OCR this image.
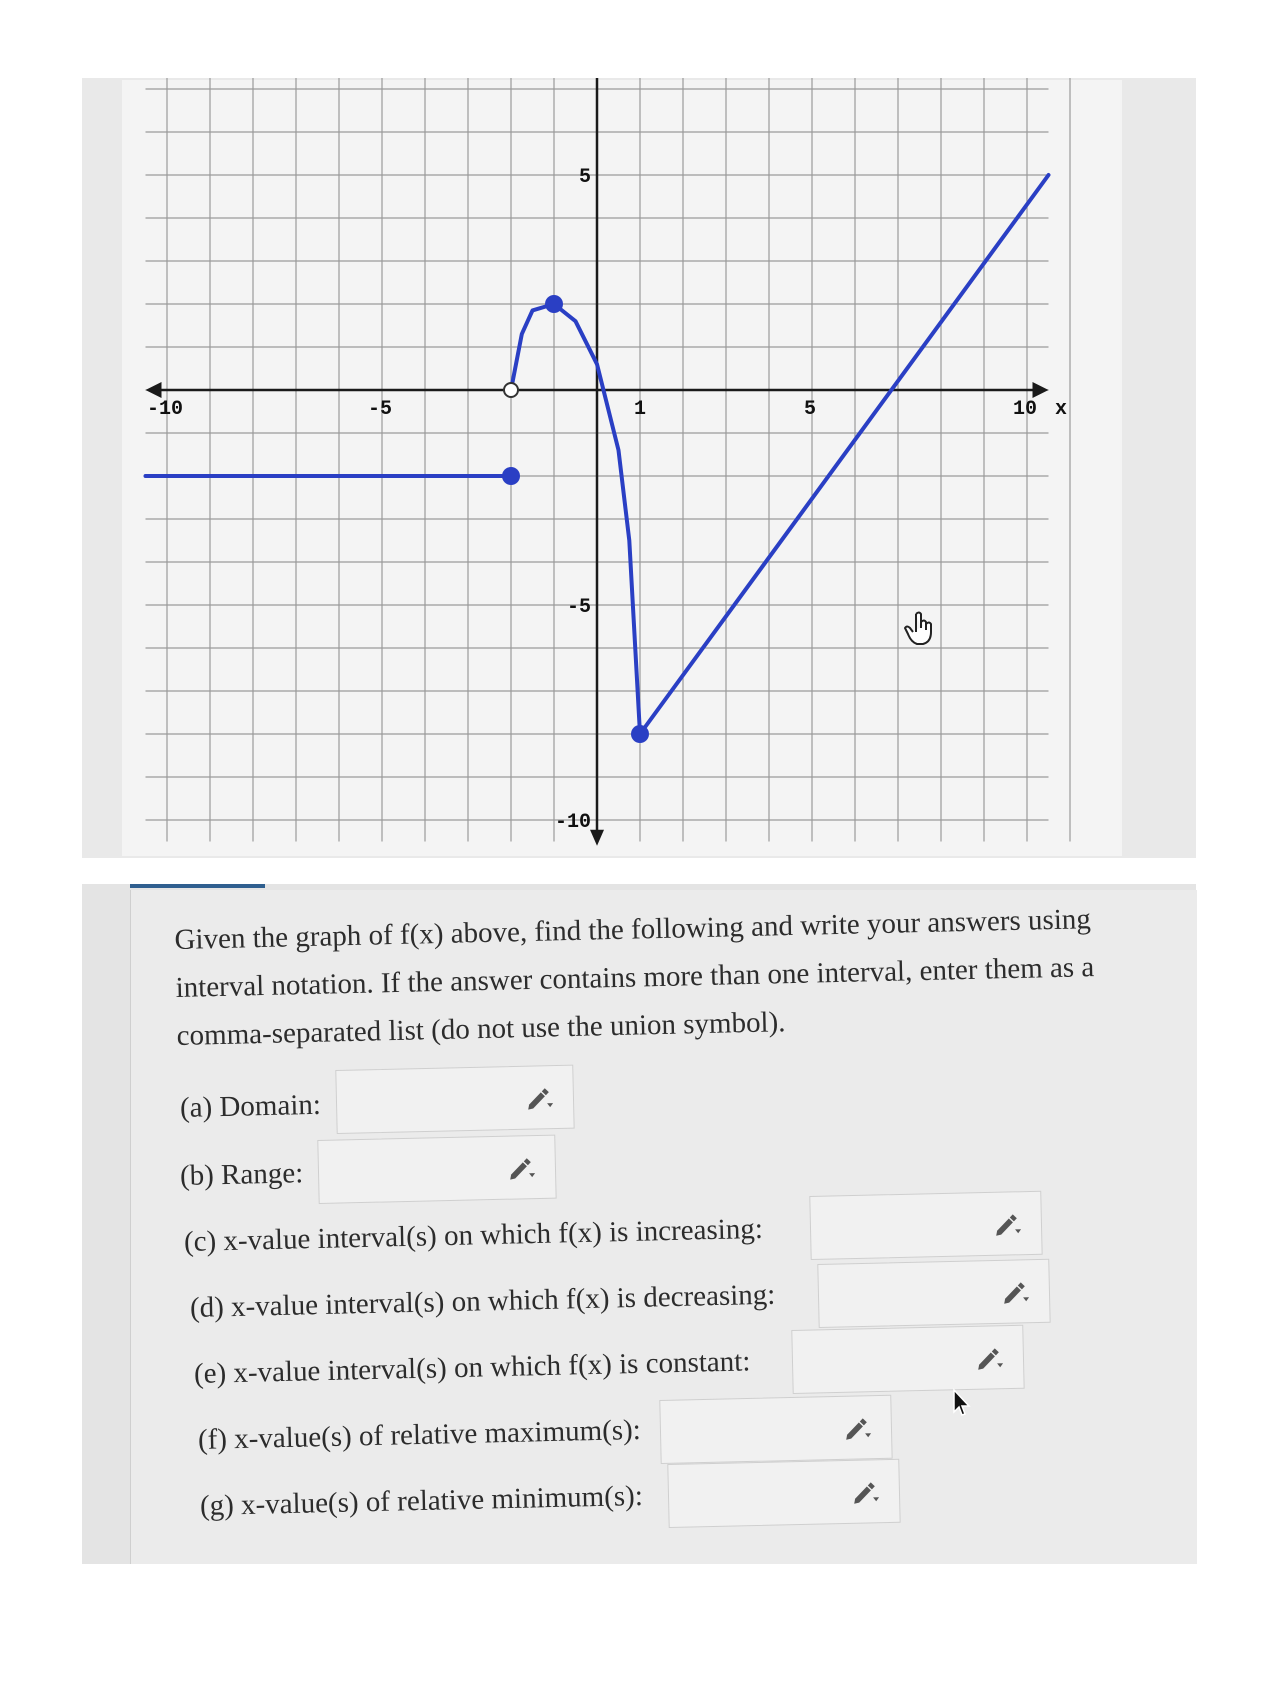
-10	-5	1	5	10 x
5
-5
-10

Given the graph of f(x) above, find the following and write your answers using

interval notation. If the answer contains more than one interval, enter them as a

comma-separated list (do not use the union symbol).

(a) Domain:
(b) Range:
(c) x-value interval(s) on which f(x) is increasing:
(d) x-value interval(s) on which f(x) is decreasing:
(e) x-value interval(s) on which f(x) is constant:
(f) x-value(s) of relative maximum(s):
(g) x-value(s) of relative minimum(s):
